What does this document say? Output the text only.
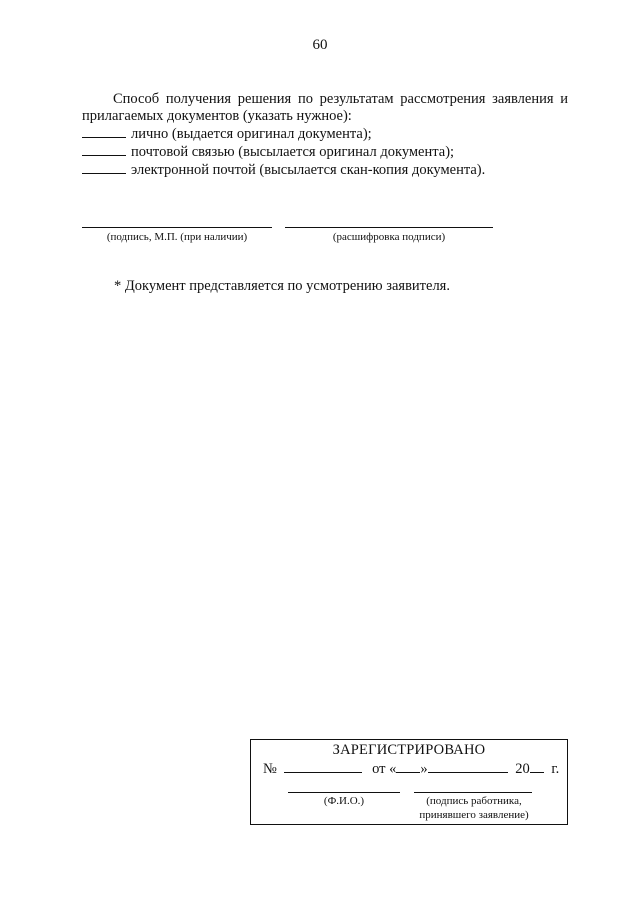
60
Способ получения решения по результатам рассмотрения заявления и прилагаемых документов (указать нужное):
лично (выдается оригинал документа);
почтовой связью (высылается оригинал документа);
электронной почтой (высылается скан-копия документа).
(подпись, М.П. (при наличии)	(расшифровка подписи)
* Документ представляется по усмотрению заявителя.
ЗАРЕГИСТРИРОВАНО
№	от « »	20 г.
(Ф.И.О.)	(подпись работника,
принявшего заявление)
